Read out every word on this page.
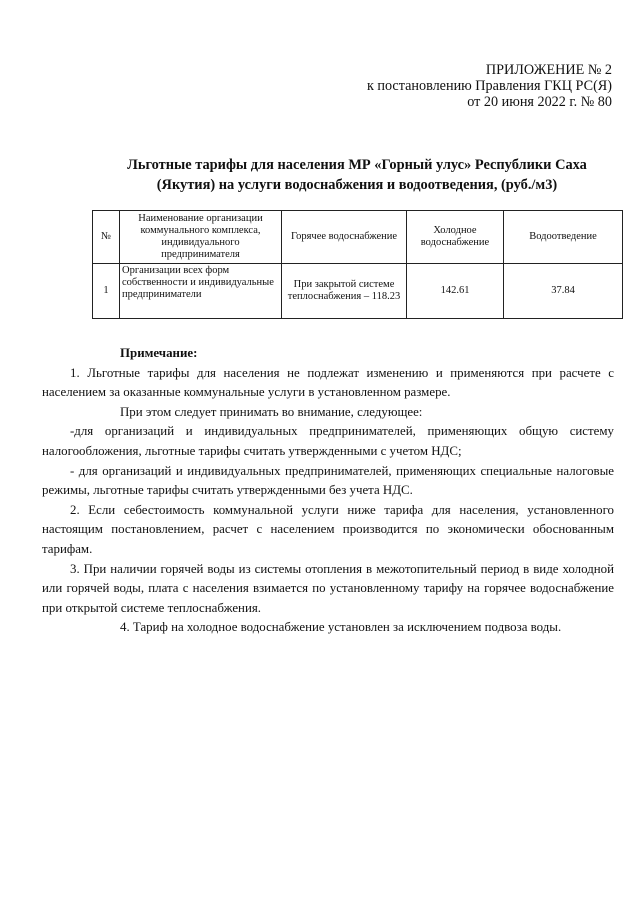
ПРИЛОЖЕНИЕ № 2
к постановлению Правления ГКЦ РС(Я)
от 20 июня 2022 г. № 80
Льготные тарифы для населения МР «Горный улус» Республики Саха
(Якутия) на услуги водоснабжения и водоотведения, (руб./м3)
№	Наименование организации коммунального комплекса, индивидуального предпринимателя	Горячее водоснабжение	Холодное водоснабжение	Водоотведение
1	Организации всех форм собственности и индивидуальные предприниматели	При закрытой системе теплоснабжения – 118.23	142.61	37.84

Примечание:

1. Льготные тарифы для населения не подлежат изменению и применяются при расчете с населением за оказанные коммунальные услуги в установленном размере.

При этом следует принимать во внимание, следующее:

-для организаций и индивидуальных предпринимателей, применяющих общую систему налогообложения, льготные тарифы считать утвержденными с учетом НДС;

- для организаций и индивидуальных предпринимателей, применяющих специальные налоговые режимы, льготные тарифы считать утвержденными без учета НДС.

2. Если себестоимость коммунальной услуги ниже тарифа для населения, установленного настоящим постановлением, расчет с населением производится по экономически обоснованным тарифам.

3. При наличии горячей воды из системы отопления в межотопительный период в виде холодной или горячей воды, плата с населения взимается по установленному тарифу на горячее водоснабжение при открытой системе теплоснабжения.

4. Тариф на холодное водоснабжение установлен за исключением подвоза воды.
